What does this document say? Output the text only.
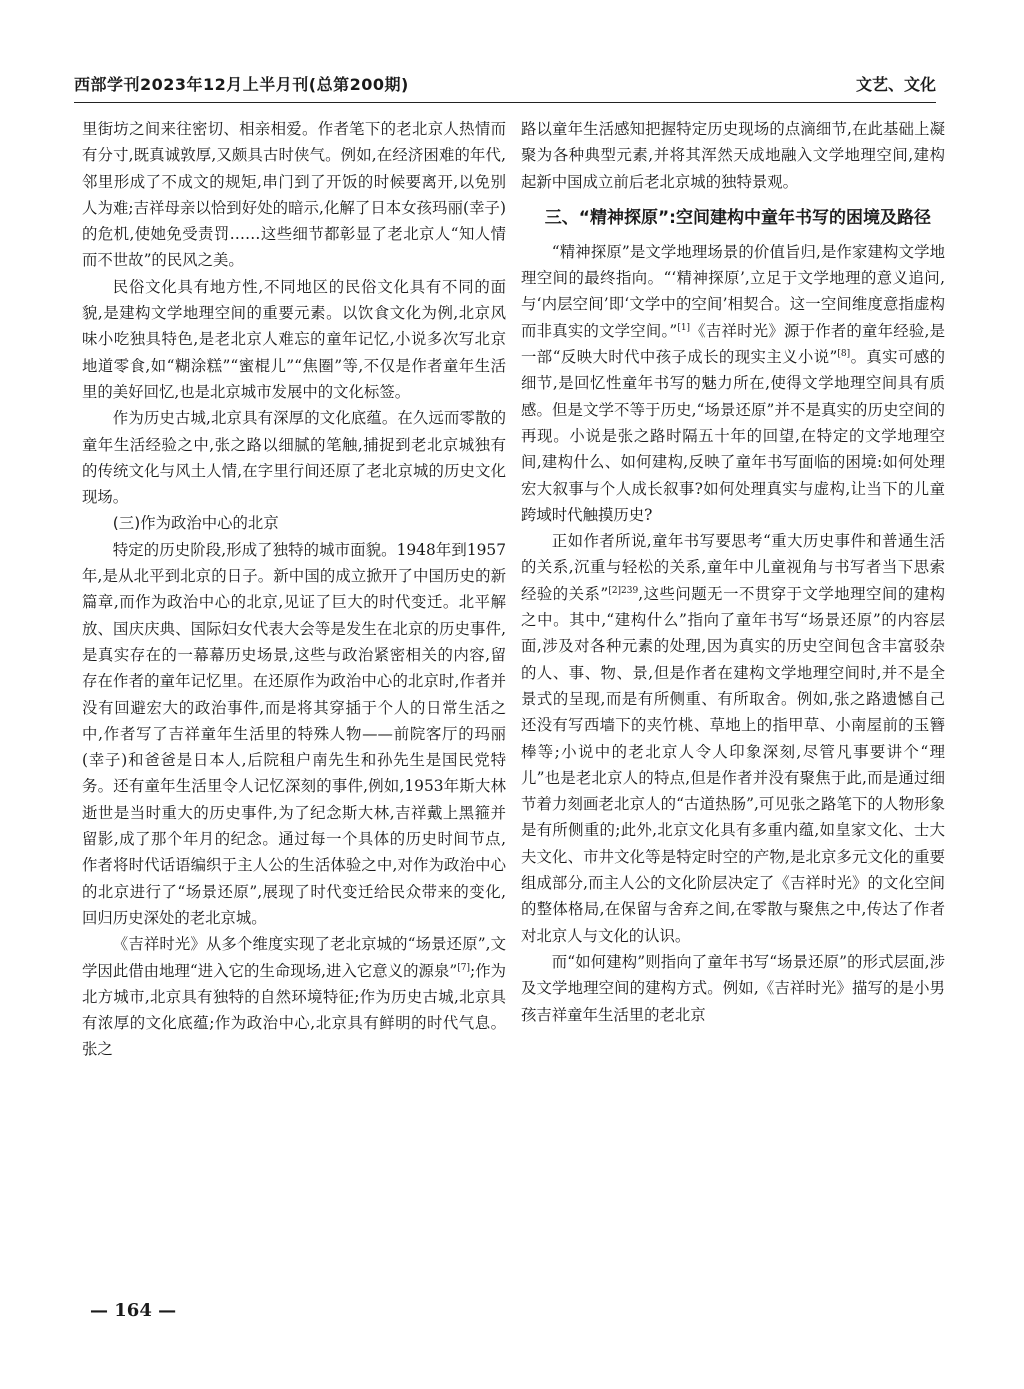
西部学刊2023年12月上半月刊(总第200期)	文艺、文化

里街坊之间来往密切、相亲相爱。作者笔下的老北京人热情而有分寸,既真诚敦厚,又颇具古时侠气。例如,在经济困难的年代,邻里形成了不成文的规矩,串门到了开饭的时候要离开,以免别人为难;吉祥母亲以恰到好处的暗示,化解了日本女孩玛丽(幸子)的危机,使她免受责罚……这些细节都彰显了老北京人“知人情而不世故”的民风之美。

民俗文化具有地方性,不同地区的民俗文化具有不同的面貌,是建构文学地理空间的重要元素。以饮食文化为例,北京风味小吃独具特色,是老北京人难忘的童年记忆,小说多次写北京地道零食,如“糊涂糕”“蜜棍儿”“焦圈”等,不仅是作者童年生活里的美好回忆,也是北京城市发展中的文化标签。

作为历史古城,北京具有深厚的文化底蕴。在久远而零散的童年生活经验之中,张之路以细腻的笔触,捕捉到老北京城独有的传统文化与风土人情,在字里行间还原了老北京城的历史文化现场。

(三)作为政治中心的北京

特定的历史阶段,形成了独特的城市面貌。1948年到1957年,是从北平到北京的日子。新中国的成立掀开了中国历史的新篇章,而作为政治中心的北京,见证了巨大的时代变迁。北平解放、国庆庆典、国际妇女代表大会等是发生在北京的历史事件,是真实存在的一幕幕历史场景,这些与政治紧密相关的内容,留存在作者的童年记忆里。在还原作为政治中心的北京时,作者并没有回避宏大的政治事件,而是将其穿插于个人的日常生活之中,作者写了吉祥童年生活里的特殊人物——前院客厅的玛丽(幸子)和爸爸是日本人,后院租户南先生和孙先生是国民党特务。还有童年生活里令人记忆深刻的事件,例如,1953年斯大林逝世是当时重大的历史事件,为了纪念斯大林,吉祥戴上黑箍并留影,成了那个年月的纪念。通过每一个具体的历史时间节点,作者将时代话语编织于主人公的生活体验之中,对作为政治中心的北京进行了“场景还原”,展现了时代变迁给民众带来的变化,回归历史深处的老北京城。

《吉祥时光》从多个维度实现了老北京城的“场景还原”,文学因此借由地理“进入它的生命现场,进入它意义的源泉”[7];作为北方城市,北京具有独特的自然环境特征;作为历史古城,北京具有浓厚的文化底蕴;作为政治中心,北京具有鲜明的时代气息。张之

路以童年生活感知把握特定历史现场的点滴细节,在此基础上凝聚为各种典型元素,并将其浑然天成地融入文学地理空间,建构起新中国成立前后老北京城的独特景观。

三、“精神探原”:空间建构中童年书写的困境及路径

“精神探原”是文学地理场景的价值旨归,是作家建构文学地理空间的最终指向。“‘精神探原’,立足于文学地理的意义追问,与‘内层空间’即‘文学中的空间’相契合。这一空间维度意指虚构而非真实的文学空间。”[1]《吉祥时光》源于作者的童年经验,是一部“反映大时代中孩子成长的现实主义小说”[8]。真实可感的细节,是回忆性童年书写的魅力所在,使得文学地理空间具有质感。但是文学不等于历史,“场景还原”并不是真实的历史空间的再现。小说是张之路时隔五十年的回望,在特定的文学地理空间,建构什么、如何建构,反映了童年书写面临的困境:如何处理宏大叙事与个人成长叙事?如何处理真实与虚构,让当下的儿童跨域时代触摸历史?

正如作者所说,童年书写要思考“重大历史事件和普通生活的关系,沉重与轻松的关系,童年中儿童视角与书写者当下思索经验的关系”$^{[2]239}$,这些问题无一不贯穿于文学地理空间的建构之中。其中,“建构什么”指向了童年书写“场景还原”的内容层面,涉及对各种元素的处理,因为真实的历史空间包含丰富驳杂的人、事、物、景,但是作者在建构文学地理空间时,并不是全景式的呈现,而是有所侧重、有所取舍。例如,张之路遗憾自己还没有写西墙下的夹竹桃、草地上的指甲草、小南屋前的玉簪棒等;小说中的老北京人令人印象深刻,尽管凡事要讲个“理儿”也是老北京人的特点,但是作者并没有聚焦于此,而是通过细节着力刻画老北京人的“古道热肠”,可见张之路笔下的人物形象是有所侧重的;此外,北京文化具有多重内蕴,如皇家文化、士大夫文化、市井文化等是特定时空的产物,是北京多元文化的重要组成部分,而主人公的文化阶层决定了《吉祥时光》的文化空间的整体格局,在保留与舍弃之间,在零散与聚焦之中,传达了作者对北京人与文化的认识。

而“如何建构”则指向了童年书写“场景还原”的形式层面,涉及文学地理空间的建构方式。例如,《吉祥时光》描写的是小男孩吉祥童年生活里的老北京

— 164 —
